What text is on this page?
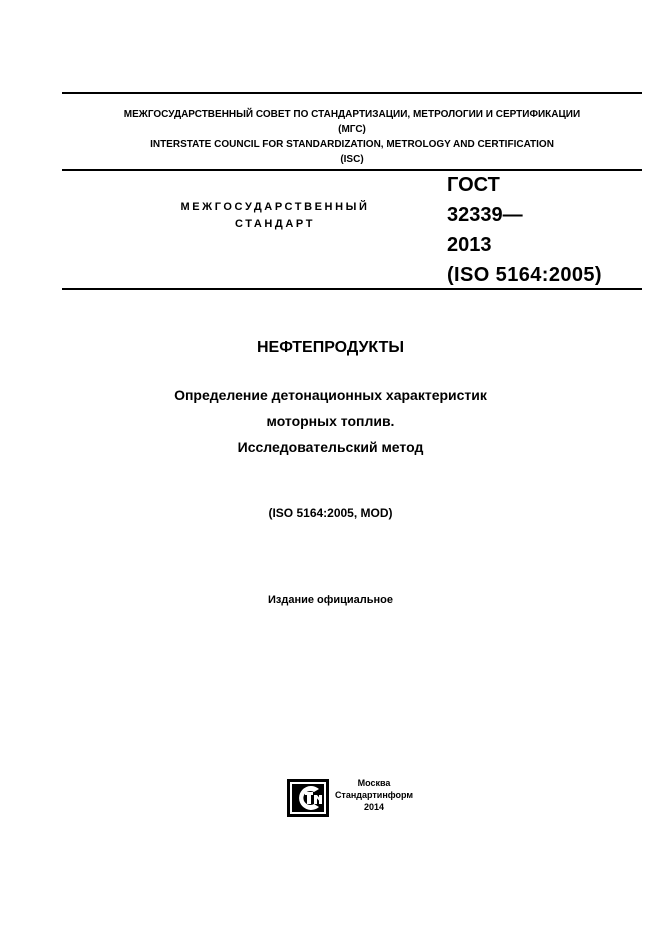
МЕЖГОСУДАРСТВЕННЫЙ СОВЕТ ПО СТАНДАРТИЗАЦИИ, МЕТРОЛОГИИ И СЕРТИФИКАЦИИ
(МГС)
INTERSTATE COUNCIL FOR STANDARDIZATION, METROLOGY AND CERTIFICATION
(ISC)
МЕЖГОСУДАРСТВЕННЫЙ
СТАНДАРТ
ГОСТ
32339—
2013
(ISO 5164:2005)
НЕФТЕПРОДУКТЫ
Определение детонационных характеристик
моторных топлив.
Исследовательский метод
(ISO 5164:2005, MOD)
Издание официальное
Москва
Стандартинформ
2014
